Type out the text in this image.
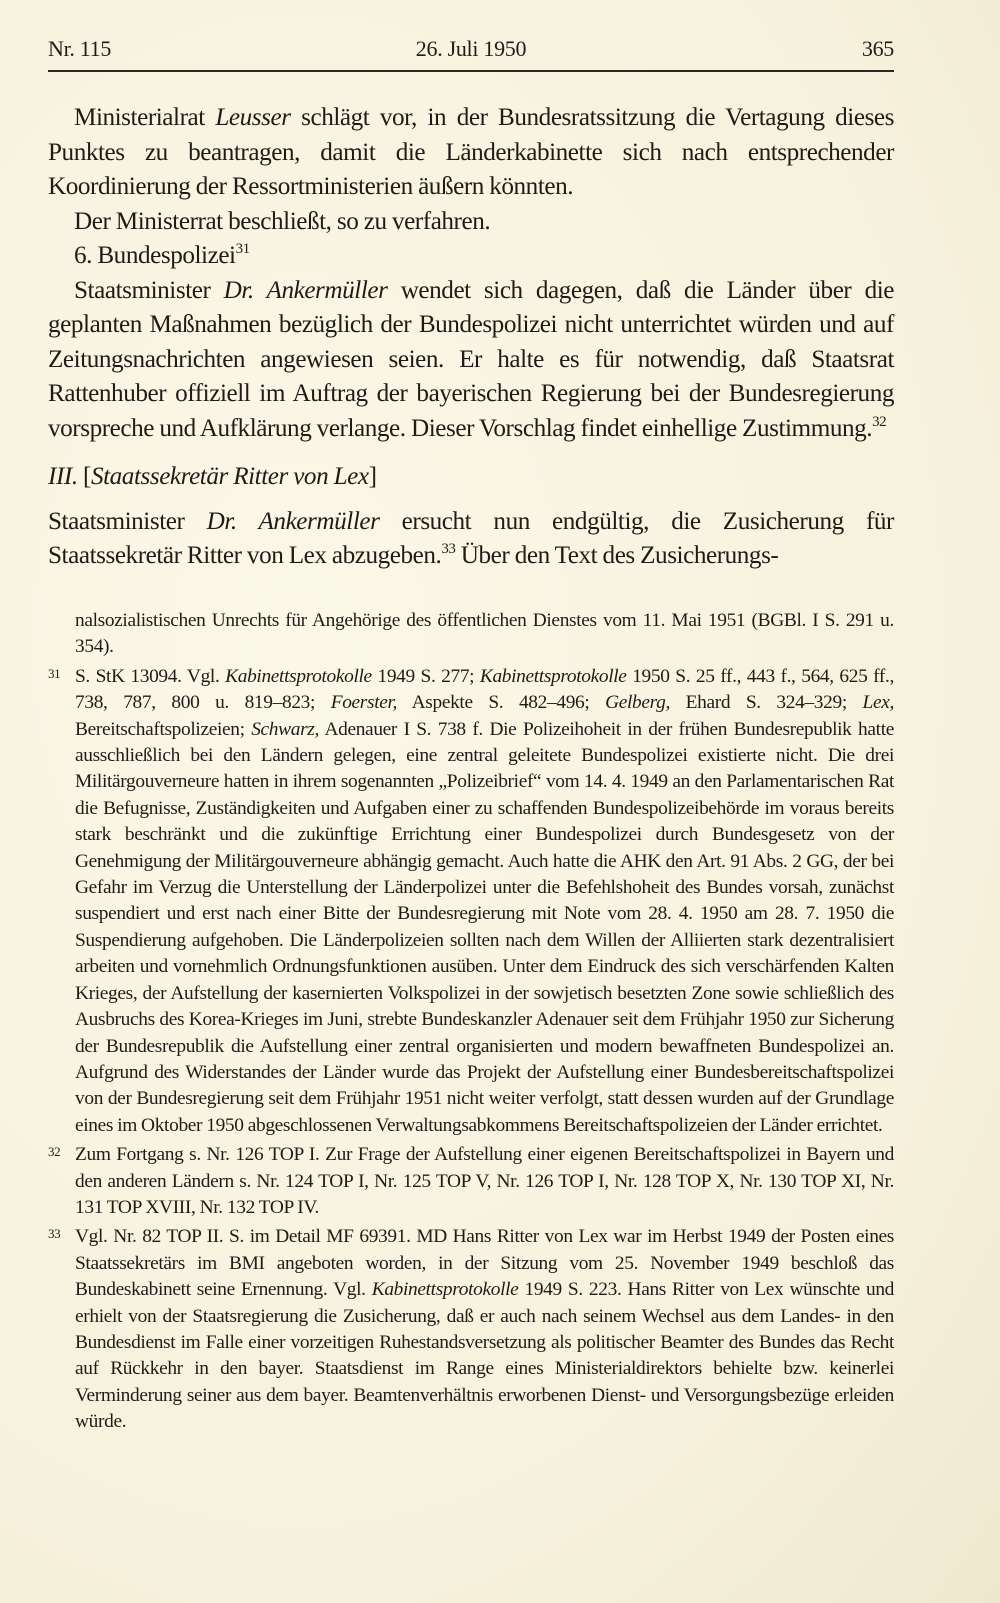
Nr. 115	26. Juli 1950	365

Ministerialrat Leusser schlägt vor, in der Bundesratssitzung die Vertagung dieses Punktes zu beantragen, damit die Länderkabinette sich nach entsprechender Koordinierung der Ressortministerien äußern könnten.

Der Ministerrat beschließt, so zu verfahren.

6. Bundespolizei$^{31}$

Staatsminister Dr. Ankermüller wendet sich dagegen, daß die Länder über die geplanten Maßnahmen bezüglich der Bundespolizei nicht unterrichtet würden und auf Zeitungsnachrichten angewiesen seien. Er halte es für notwendig, daß Staatsrat Rattenhuber offiziell im Auftrag der bayerischen Regierung bei der Bundesregierung vorspreche und Aufklärung verlange. Dieser Vorschlag findet einhellige Zustimmung.$^{32}$

III. [Staatssekretär Ritter von Lex]

Staatsminister Dr. Ankermüller ersucht nun endgültig, die Zusicherung für Staatssekretär Ritter von Lex abzugeben.$^{33}$ Über den Text des Zusicherungs-

nalsozialistischen Unrechts für Angehörige des öffentlichen Dienstes vom 11. Mai 1951 (BGBl. I S. 291 u. 354).

31 S. StK 13094. Vgl. Kabinettsprotokolle 1949 S. 277; Kabinettsprotokolle 1950 S. 25 ff., 443 f., 564, 625 ff., 738, 787, 800 u. 819–823; Foerster, Aspekte S. 482–496; Gelberg, Ehard S. 324–329; Lex, Bereitschaftspolizeien; Schwarz, Adenauer I S. 738 f. Die Polizeihoheit in der frühen Bundesrepublik hatte ausschließlich bei den Ländern gelegen, eine zentral geleitete Bundespolizei existierte nicht. Die drei Militärgouverneure hatten in ihrem sogenannten „Polizeibrief“ vom 14. 4. 1949 an den Parlamentarischen Rat die Befugnisse, Zuständigkeiten und Aufgaben einer zu schaffenden Bundespolizeibehörde im voraus bereits stark beschränkt und die zukünftige Errichtung einer Bundespolizei durch Bundesgesetz von der Genehmigung der Militärgouverneure abhängig gemacht. Auch hatte die AHK den Art. 91 Abs. 2 GG, der bei Gefahr im Verzug die Unterstellung der Länderpolizei unter die Befehlshoheit des Bundes vorsah, zunächst suspendiert und erst nach einer Bitte der Bundesregierung mit Note vom 28. 4. 1950 am 28. 7. 1950 die Suspendierung aufgehoben. Die Länderpolizeien sollten nach dem Willen der Alliierten stark dezentralisiert arbeiten und vornehmlich Ordnungsfunktionen ausüben. Unter dem Eindruck des sich verschärfenden Kalten Krieges, der Aufstellung der kasernierten Volkspolizei in der sowjetisch besetzten Zone sowie schließlich des Ausbruchs des Korea-Krieges im Juni, strebte Bundeskanzler Adenauer seit dem Frühjahr 1950 zur Sicherung der Bundesrepublik die Aufstellung einer zentral organisierten und modern bewaffneten Bundespolizei an. Aufgrund des Widerstandes der Länder wurde das Projekt der Aufstellung einer Bundesbereitschaftspolizei von der Bundesregierung seit dem Frühjahr 1951 nicht weiter verfolgt, statt dessen wurden auf der Grundlage eines im Oktober 1950 abgeschlossenen Verwaltungsabkommens Bereitschaftspolizeien der Länder errichtet.

32 Zum Fortgang s. Nr. 126 TOP I. Zur Frage der Aufstellung einer eigenen Bereitschaftspolizei in Bayern und den anderen Ländern s. Nr. 124 TOP I, Nr. 125 TOP V, Nr. 126 TOP I, Nr. 128 TOP X, Nr. 130 TOP XI, Nr. 131 TOP XVIII, Nr. 132 TOP IV.

33 Vgl. Nr. 82 TOP II. S. im Detail MF 69391. MD Hans Ritter von Lex war im Herbst 1949 der Posten eines Staatssekretärs im BMI angeboten worden, in der Sitzung vom 25. November 1949 beschloß das Bundeskabinett seine Ernennung. Vgl. Kabinettsprotokolle 1949 S. 223. Hans Ritter von Lex wünschte und erhielt von der Staatsregierung die Zusicherung, daß er auch nach seinem Wechsel aus dem Landes- in den Bundesdienst im Falle einer vorzeitigen Ruhestandsversetzung als politischer Beamter des Bundes das Recht auf Rückkehr in den bayer. Staatsdienst im Range eines Ministerialdirektors behielte bzw. keinerlei Verminderung seiner aus dem bayer. Beamtenverhältnis erworbenen Dienst- und Versorgungsbezüge erleiden würde.
